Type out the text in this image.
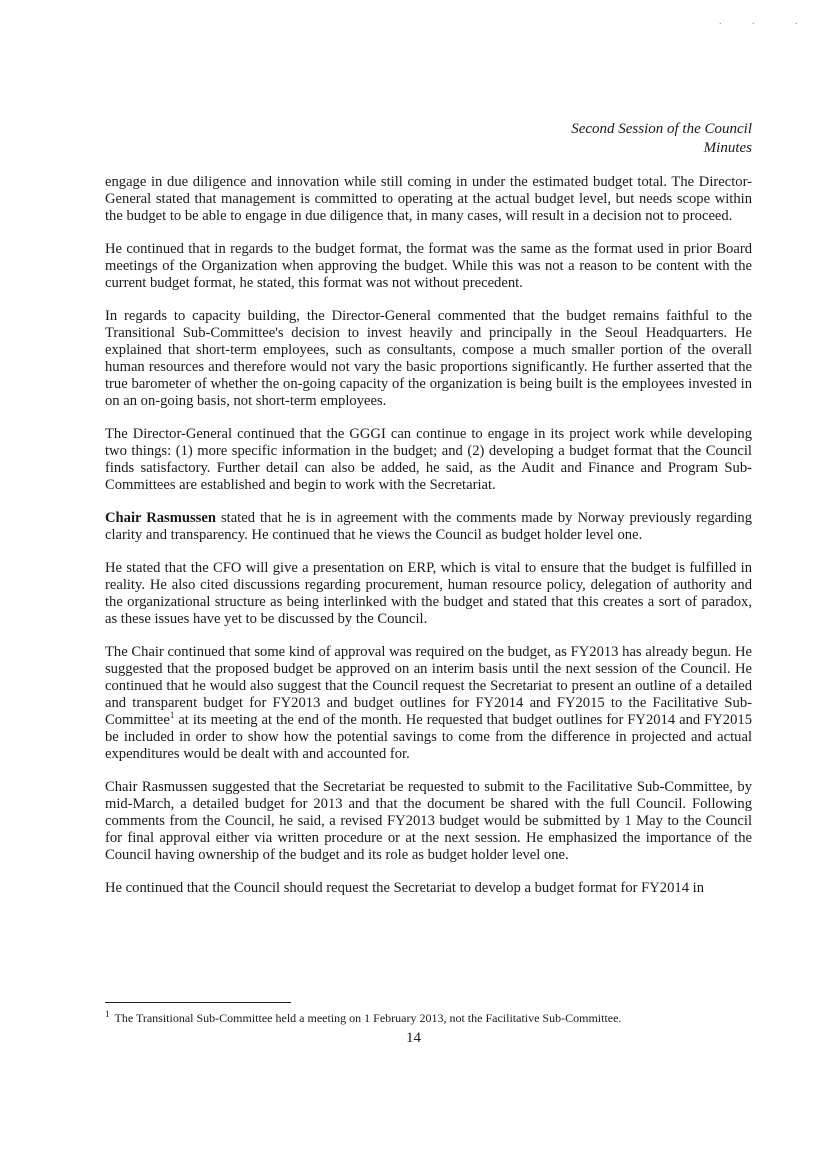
.	.	.
Second Session of the Council
Minutes

engage in due diligence and innovation while still coming in under the estimated budget total. The Director-General stated that management is committed to operating at the actual budget level, but needs scope within the budget to be able to engage in due diligence that, in many cases, will result in a decision not to proceed.

He continued that in regards to the budget format, the format was the same as the format used in prior Board meetings of the Organization when approving the budget. While this was not a reason to be content with the current budget format, he stated, this format was not without precedent.

In regards to capacity building, the Director-General commented that the budget remains faithful to the Transitional Sub-Committee's decision to invest heavily and principally in the Seoul Headquarters. He explained that short-term employees, such as consultants, compose a much smaller portion of the overall human resources and therefore would not vary the basic proportions significantly. He further asserted that the true barometer of whether the on-going capacity of the organization is being built is the employees invested in on an on-going basis, not short-term employees.

The Director-General continued that the GGGI can continue to engage in its project work while developing two things: (1) more specific information in the budget; and (2) developing a budget format that the Council finds satisfactory. Further detail can also be added, he said, as the Audit and Finance and Program Sub-Committees are established and begin to work with the Secretariat.

Chair Rasmussen stated that he is in agreement with the comments made by Norway previously regarding clarity and transparency. He continued that he views the Council as budget holder level one.

He stated that the CFO will give a presentation on ERP, which is vital to ensure that the budget is fulfilled in reality. He also cited discussions regarding procurement, human resource policy, delegation of authority and the organizational structure as being interlinked with the budget and stated that this creates a sort of paradox, as these issues have yet to be discussed by the Council.

The Chair continued that some kind of approval was required on the budget, as FY2013 has already begun. He suggested that the proposed budget be approved on an interim basis until the next session of the Council. He continued that he would also suggest that the Council request the Secretariat to present an outline of a detailed and transparent budget for FY2013 and budget outlines for FY2014 and FY2015 to the Facilitative Sub-Committee$^1$ at its meeting at the end of the month. He requested that budget outlines for FY2014 and FY2015 be included in order to show how the potential savings to come from the difference in projected and actual expenditures would be dealt with and accounted for.

Chair Rasmussen suggested that the Secretariat be requested to submit to the Facilitative Sub-Committee, by mid-March, a detailed budget for 2013 and that the document be shared with the full Council. Following comments from the Council, he said, a revised FY2013 budget would be submitted by 1 May to the Council for final approval either via written procedure or at the next session. He emphasized the importance of the Council having ownership of the budget and its role as budget holder level one.

He continued that the Council should request the Secretariat to develop a budget format for FY2014 in

$^1$ The Transitional Sub-Committee held a meeting on 1 February 2013, not the Facilitative Sub-Committee.
14
